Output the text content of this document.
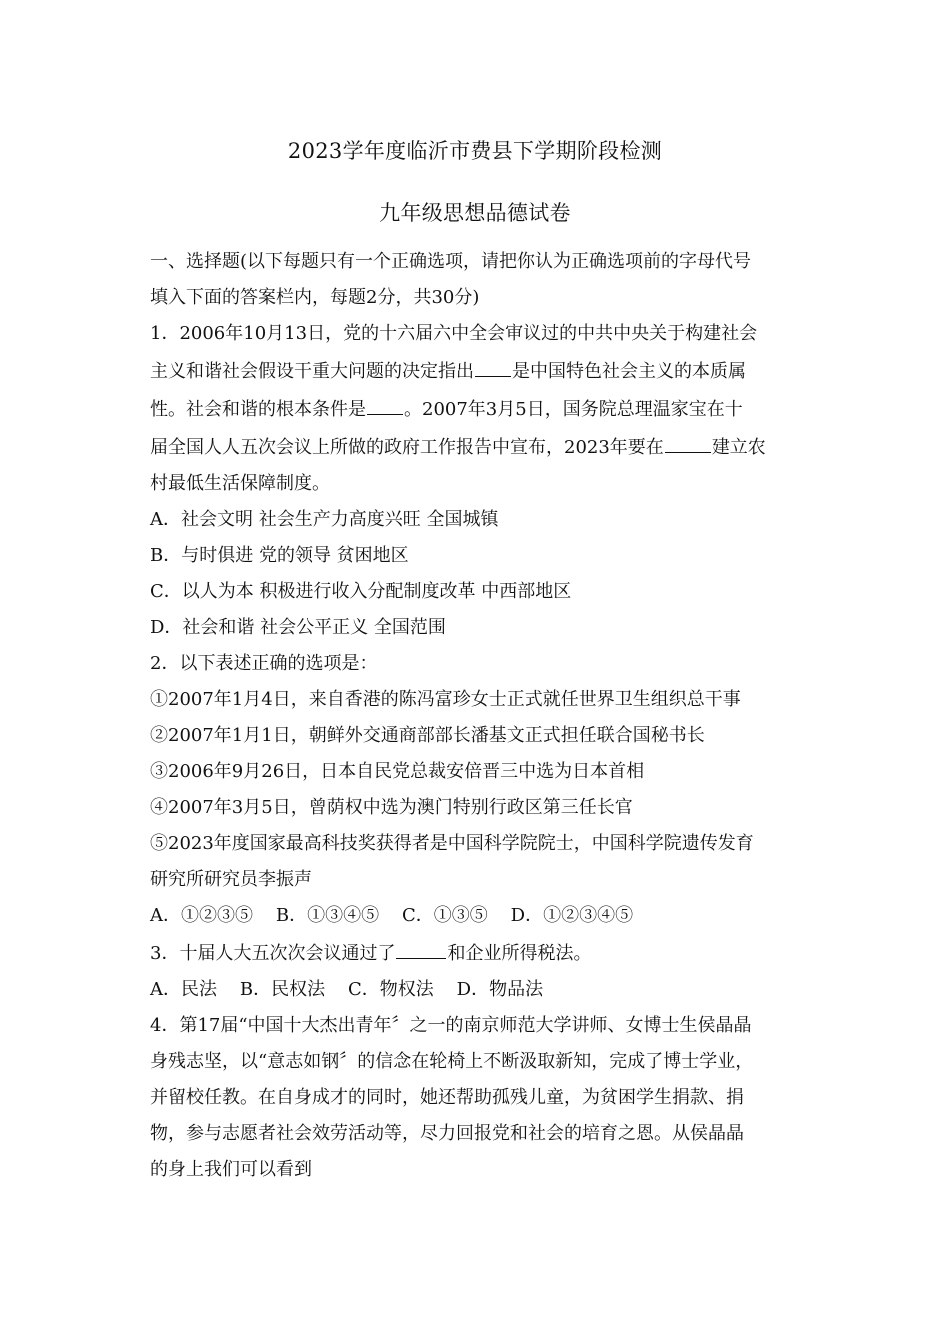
2023学年度临沂市费县下学期阶段检测
九年级思想品德试卷

一、选择题(以下每题只有一个正确选项，请把你认为正确选项前的字母代号

填入下面的答案栏内，每题2分，共30分)

1．2006年10月13日，党的十六届六中全会审议过的中共中央关于构建社会

主义和谐社会假设干重大问题的决定指出 是中国特色社会主义的本质属

性。社会和谐的根本条件是 。2007年3月5日，国务院总理温家宝在十

届全国人人五次会议上所做的政府工作报告中宣布，2023年要在	建立农

村最低生活保障制度。

A．社会文明 社会生产力高度兴旺 全国城镇

B．与时俱进 党的领导 贫困地区

C．以人为本 积极进行收入分配制度改革 中西部地区

D．社会和谐 社会公平正义 全国范围

2．以下表述正确的选项是：

①2007年1月4日，来自香港的陈冯富珍女士正式就任世界卫生组织总干事

②2007年1月1日，朝鲜外交通商部部长潘基文正式担任联合国秘书长

③2006年9月26日，日本自民党总裁安倍晋三中选为日本首相

④2007年3月5日，曾荫权中选为澳门特别行政区第三任长官

⑤2023年度国家最高科技奖获得者是中国科学院院士，中国科学院遗传发育

研究所研究员李振声

A．①②③⑤    B．①③④⑤    C．①③⑤    D．①②③④⑤

3．十届人大五次次会议通过了	和企业所得税法。

A．民法    B．民权法    C．物权法    D．物品法

4．第17届“中国十大杰出青年〞之一的南京师范大学讲师、女博士生侯晶晶

身残志坚，以“意志如钢〞的信念在轮椅上不断汲取新知，完成了博士学业，

并留校任教。在自身成才的同时，她还帮助孤残儿童，为贫困学生捐款、捐

物，参与志愿者社会效劳活动等，尽力回报党和社会的培育之恩。从侯晶晶

的身上我们可以看到
